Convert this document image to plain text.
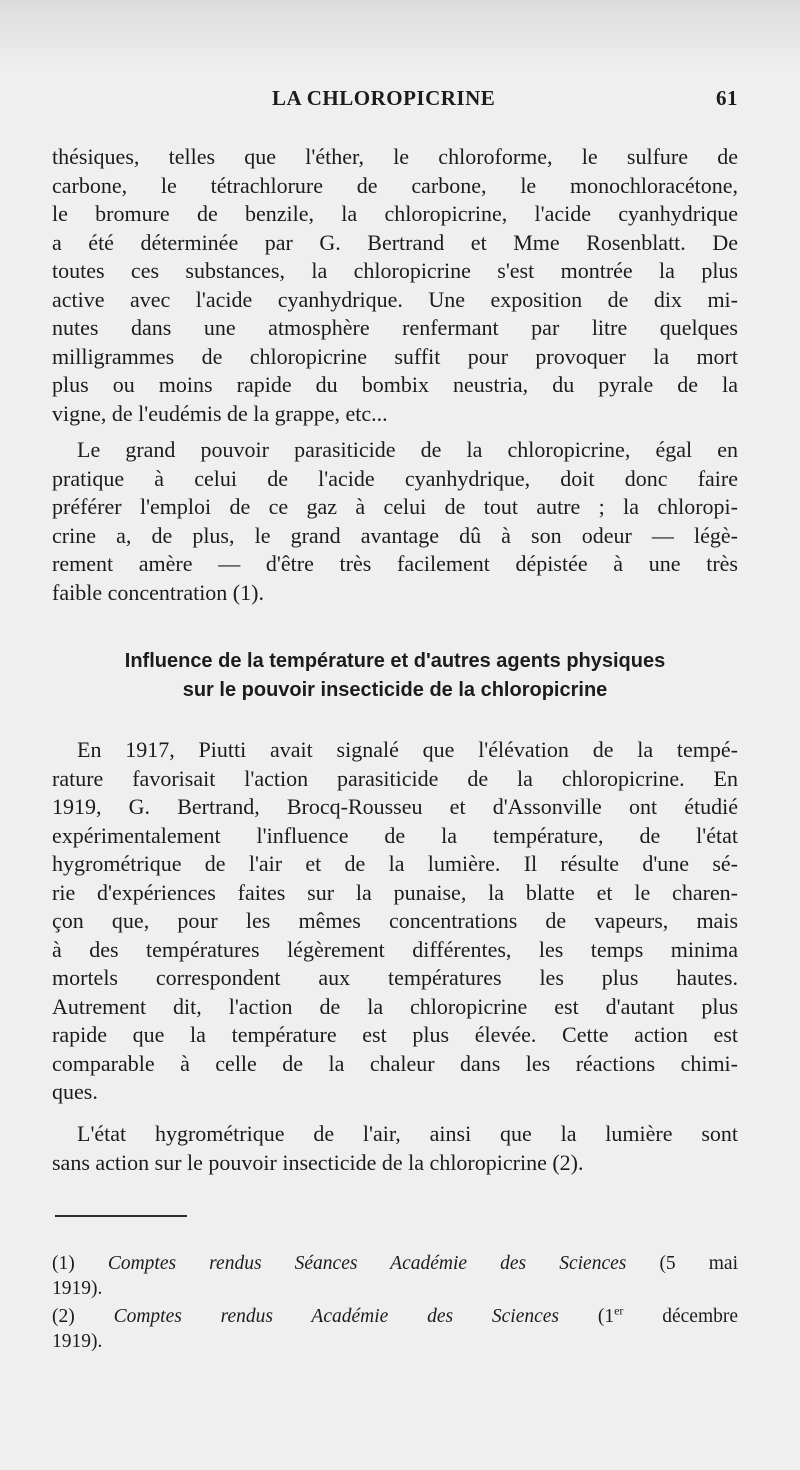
LA CHLOROPICRINE	61
thésiques, telles que l'éther, le chloroforme, le sulfure de
carbone, le tétrachlorure de carbone, le monochloracétone,
le bromure de benzile, la chloropicrine, l'acide cyanhydrique
a été déterminée par G. Bertrand et Mme Rosenblatt. De
toutes ces substances, la chloropicrine s'est montrée la plus
active avec l'acide cyanhydrique. Une exposition de dix mi-
nutes dans une atmosphère renfermant par litre quelques
milligrammes de chloropicrine suffit pour provoquer la mort
plus ou moins rapide du bombix neustria, du pyrale de la
vigne, de l'eudémis de la grappe, etc...
Le grand pouvoir parasiticide de la chloropicrine, égal en
pratique à celui de l'acide cyanhydrique, doit donc faire
préférer l'emploi de ce gaz à celui de tout autre ; la chloropi-
crine a, de plus, le grand avantage dû à son odeur — légè-
rement amère — d'être très facilement dépistée à une très
faible concentration (1).
Influence de la température et d'autres agents physiques
sur le pouvoir insecticide de la chloropicrine
En 1917, Piutti avait signalé que l'élévation de la tempé-
rature favorisait l'action parasiticide de la chloropicrine. En
1919, G. Bertrand, Brocq-Rousseu et d'Assonville ont étudié
expérimentalement l'influence de la température, de l'état
hygrométrique de l'air et de la lumière. Il résulte d'une sé-
rie d'expériences faites sur la punaise, la blatte et le charen-
çon que, pour les mêmes concentrations de vapeurs, mais
à des températures légèrement différentes, les temps minima
mortels correspondent aux températures les plus hautes.
Autrement dit, l'action de la chloropicrine est d'autant plus
rapide que la température est plus élevée. Cette action est
comparable à celle de la chaleur dans les réactions chimi-
ques.
L'état hygrométrique de l'air, ainsi que la lumière sont
sans action sur le pouvoir insecticide de la chloropicrine (2).
(1) Comptes rendus Séances Académie des Sciences (5 mai
1919).
(2) Comptes rendus Académie des Sciences (1er décembre
1919).
